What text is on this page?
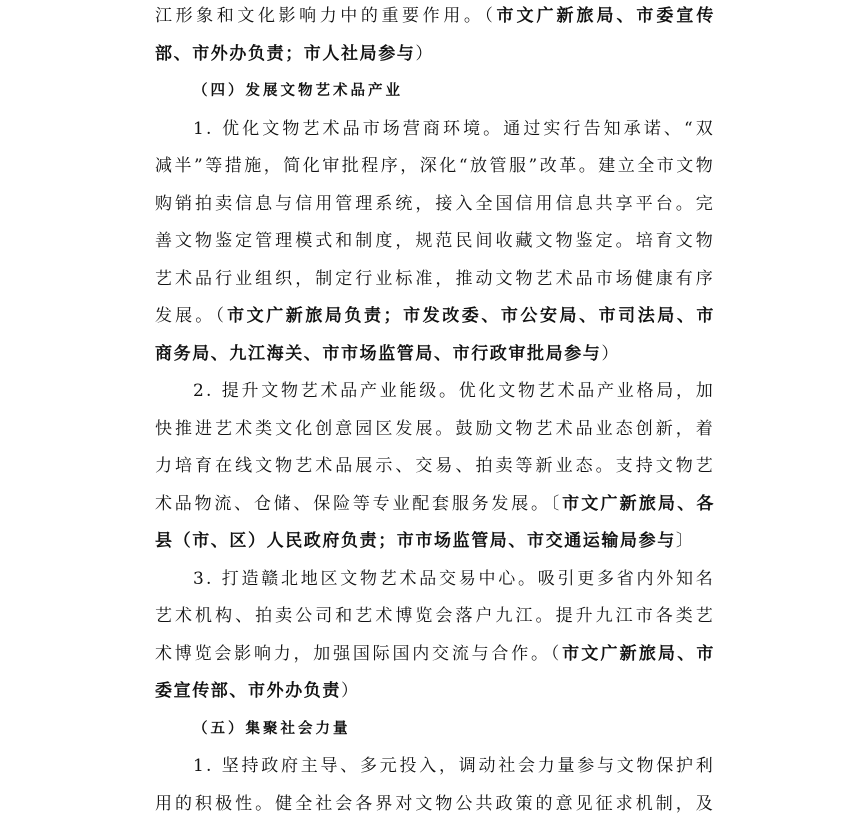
江形象和文化影响力中的重要作用。（市文广新旅局、市委宣传
部、市外办负责；市人社局参与）
（四）发展文物艺术品产业
1. 优化文物艺术品市场营商环境。通过实行告知承诺、“双
减半”等措施，简化审批程序，深化“放管服”改革。建立全市文物
购销拍卖信息与信用管理系统，接入全国信用信息共享平台。完
善文物鉴定管理模式和制度，规范民间收藏文物鉴定。培育文物
艺术品行业组织，制定行业标准，推动文物艺术品市场健康有序
发展。（市文广新旅局负责；市发改委、市公安局、市司法局、市
商务局、九江海关、市市场监管局、市行政审批局参与）
2. 提升文物艺术品产业能级。优化文物艺术品产业格局，加
快推进艺术类文化创意园区发展。鼓励文物艺术品业态创新，着
力培育在线文物艺术品展示、交易、拍卖等新业态。支持文物艺
术品物流、仓储、保险等专业配套服务发展。〔市文广新旅局、各
县（市、区）人民政府负责；市市场监管局、市交通运输局参与〕
3. 打造赣北地区文物艺术品交易中心。吸引更多省内外知名
艺术机构、拍卖公司和艺术博览会落户九江。提升九江市各类艺
术博览会影响力，加强国际国内交流与合作。（市文广新旅局、市
委宣传部、市外办负责）
（五）集聚社会力量
1. 坚持政府主导、多元投入，调动社会力量参与文物保护利
用的积极性。健全社会各界对文物公共政策的意见征求机制，及
